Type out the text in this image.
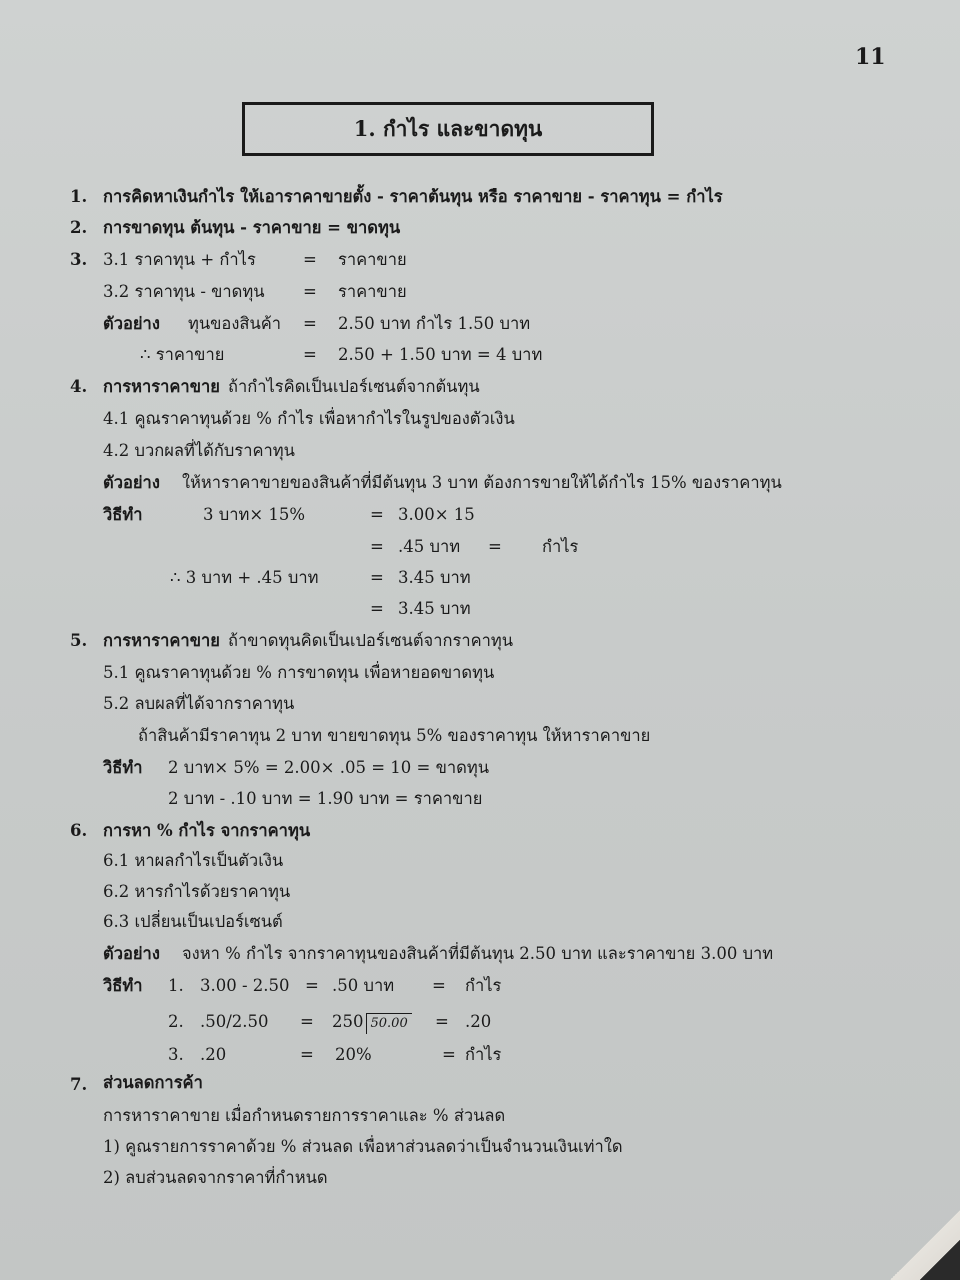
11
1. กำไร และขาดทุน
1. การคิดหาเงินกำไร ให้เอาราคาขายตั้ง - ราคาต้นทุน หรือ ราคาขาย - ราคาทุน = กำไร
2. การขาดทุน ต้นทุน - ราคาขาย = ขาดทุน
3. 3.1 ราคาทุน + กำไร	= ราคาขาย
3.2 ราคาทุน - ขาดทุน = ราคาขาย
ตัวอย่าง ทุนของสินค้า = 2.50 บาท กำไร 1.50 บาท
∴ ราคาขาย	= 2.50 + 1.50 บาท = 4 บาท
4. การหาราคาขาย ถ้ากำไรคิดเป็นเปอร์เซนต์จากต้นทุน
4.1 คูณราคาทุนด้วย % กำไร เพื่อหากำไรในรูปของตัวเงิน
4.2 บวกผลที่ได้กับราคาทุน
ตัวอย่าง ให้หาราคาขายของสินค้าที่มีต้นทุน 3 บาท ต้องการขายให้ได้กำไร 15% ของราคาทุน
วิธีทำ	3 บาท× 15%	= 3.00× 15
= .45 บาท = กำไร
∴ 3 บาท + .45 บาท	= 3.45 บาท
= 3.45 บาท
5. การหาราคาขาย ถ้าขาดทุนคิดเป็นเปอร์เซนต์จากราคาทุน
5.1 คูณราคาทุนด้วย % การขาดทุน เพื่อหายอดขาดทุน
5.2 ลบผลที่ได้จากราคาทุน
ถ้าสินค้ามีราคาทุน 2 บาท ขายขาดทุน 5% ของราคาทุน ให้หาราคาขาย
วิธีทำ 2 บาท× 5% = 2.00× .05 = 10 = ขาดทุน
2 บาท - .10 บาท = 1.90 บาท = ราคาขาย
6. การหา % กำไร จากราคาทุน
6.1 หาผลกำไรเป็นตัวเงิน
6.2 หารกำไรด้วยราคาทุน
6.3 เปลี่ยนเป็นเปอร์เซนต์
ตัวอย่าง จงหา % กำไร จากราคาทุนของสินค้าที่มีต้นทุน 2.50 บาท และราคาขาย 3.00 บาท
วิธีทำ 1. 3.00 - 2.50 = .50 บาท = กำไร
2. .50/2.50 = 250 50.00 = .20
3. .20	= 20%	= กำไร
7. ส่วนลดการค้า
การหาราคาขาย เมื่อกำหนดรายการราคาและ % ส่วนลด
1) คูณรายการราคาด้วย % ส่วนลด เพื่อหาส่วนลดว่าเป็นจำนวนเงินเท่าใด
2) ลบส่วนลดจากราคาที่กำหนด
